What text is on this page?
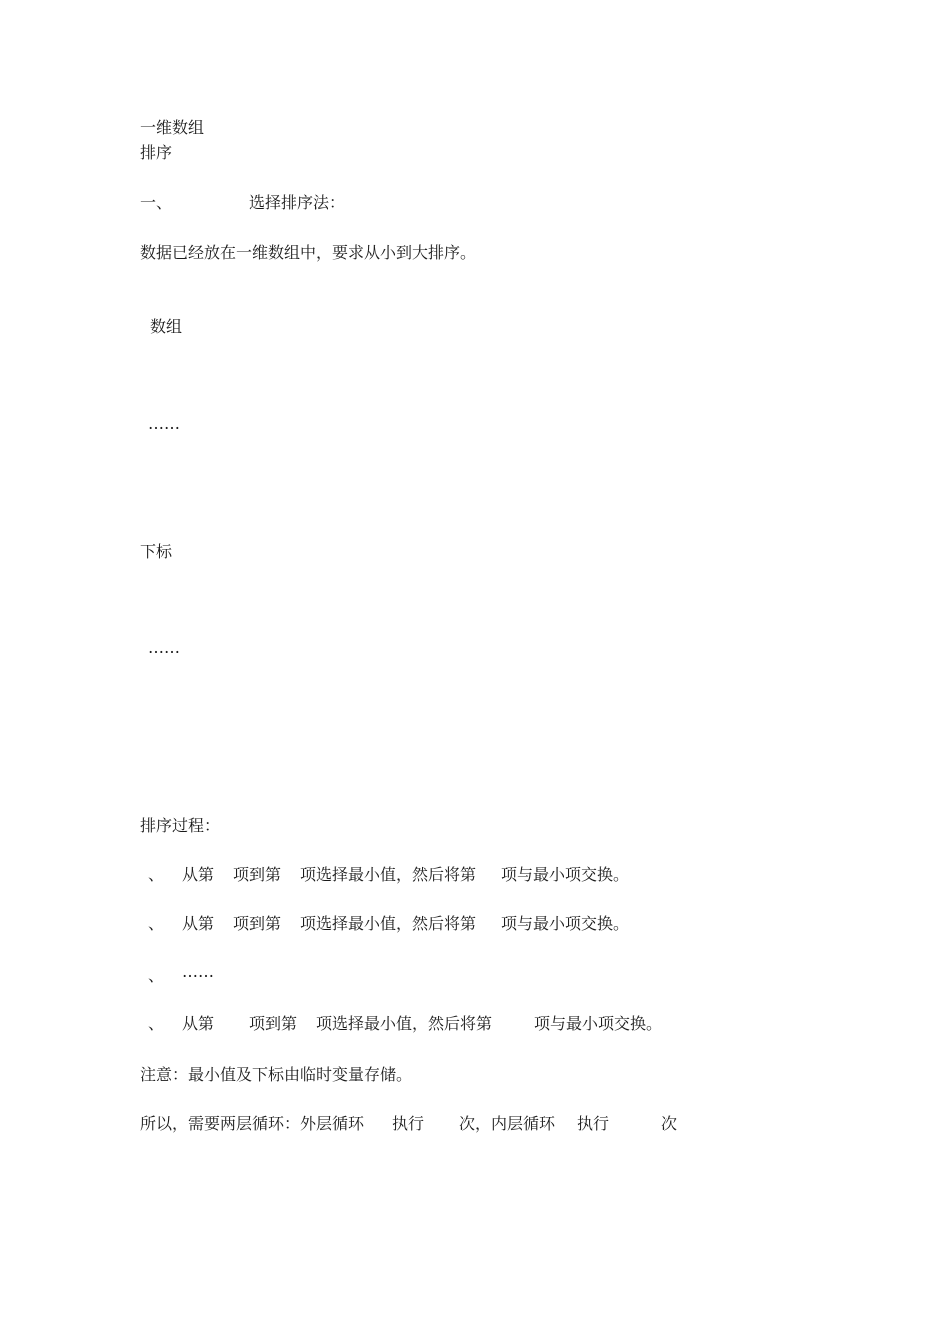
一维数组
排序
一、	选择排序法：
数据已经放在一维数组中，要求从小到大排序。
数组
……
下标
……
排序过程：
、 从第 项到第 项选择最小值，然后将第 项与最小项交换。
、 从第 项到第 项选择最小值，然后将第 项与最小项交换。
、 ……
、 从第 项到第 项选择最小值，然后将第	项与最小项交换。
注意：最小值及下标由临时变量存储。
所以，需要两层循环：外层循环 执行 次，内层循环 执行	次
